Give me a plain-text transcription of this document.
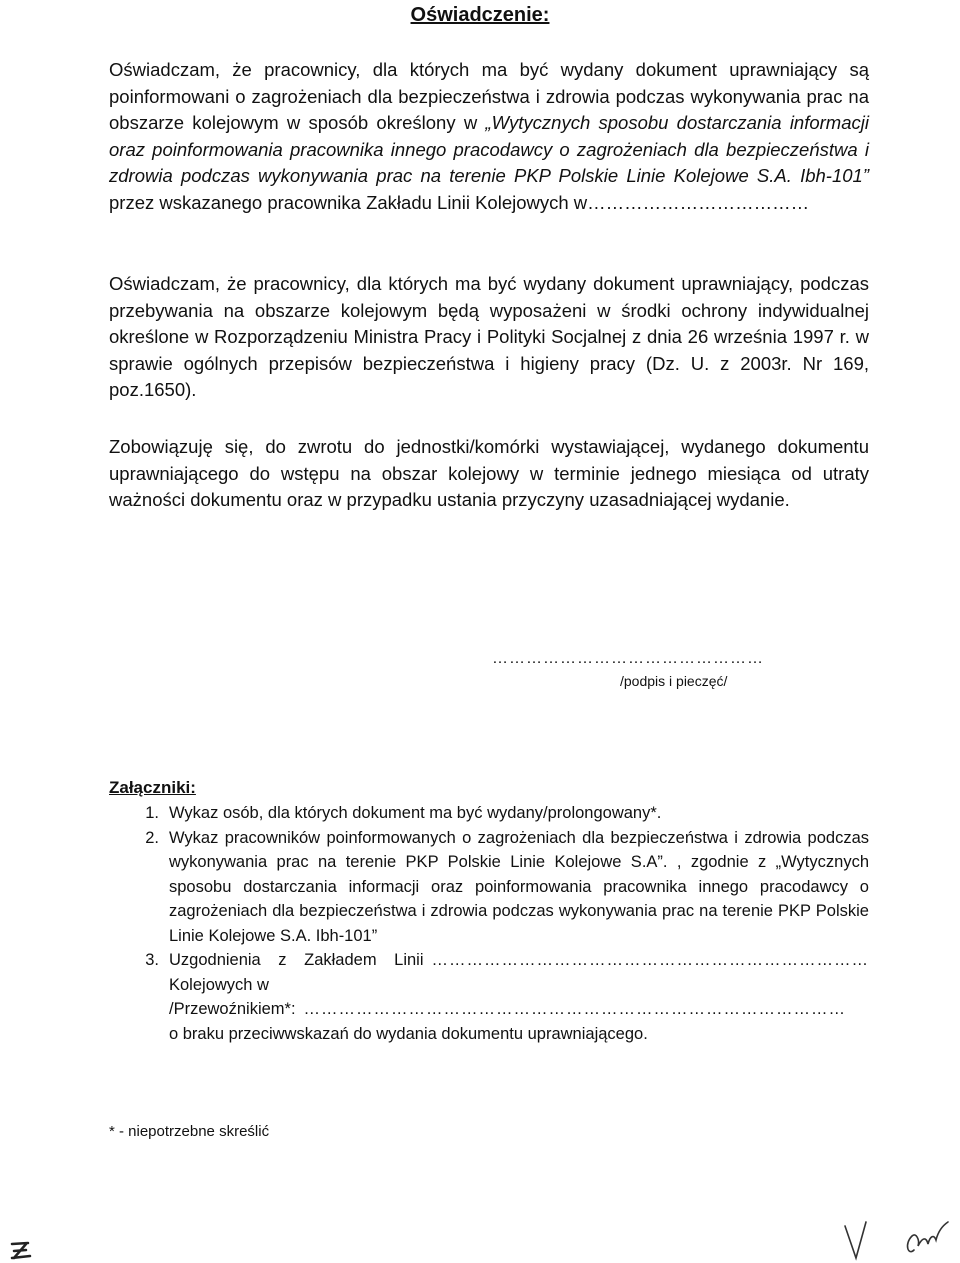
Oświadczenie:
Oświadczam, że pracownicy, dla których ma być wydany dokument uprawniający są poinformowani o zagrożeniach dla bezpieczeństwa i zdrowia podczas wykonywania prac na obszarze kolejowym w sposób określony w „Wytycznych sposobu dostarczania informacji oraz poinformowania pracownika innego pracodawcy o zagrożeniach dla bezpieczeństwa i zdrowia podczas wykonywania prac na terenie PKP Polskie Linie Kolejowe S.A. Ibh-101” przez wskazanego pracownika Zakładu Linii Kolejowych w………………………………
Oświadczam, że pracownicy, dla których ma być wydany dokument uprawniający, podczas przebywania na obszarze kolejowym będą wyposażeni w środki ochrony indywidualnej określone w Rozporządzeniu Ministra Pracy i Polityki Socjalnej z dnia 26 września 1997 r. w sprawie ogólnych przepisów bezpieczeństwa i higieny pracy (Dz. U. z 2003r. Nr 169, poz.1650).
Zobowiązuję się, do zwrotu do jednostki/komórki wystawiającej, wydanego dokumentu uprawniającego do wstępu na obszar kolejowy w terminie jednego miesiąca od utraty ważności dokumentu oraz w przypadku ustania przyczyny uzasadniającej wydanie.
…………………………………………
/podpis i pieczęć/
Załączniki:
1. Wykaz osób, dla których dokument ma być wydany/prolongowany*.
2. Wykaz pracowników poinformowanych o zagrożeniach dla bezpieczeństwa i zdrowia podczas wykonywania prac na terenie PKP Polskie Linie Kolejowe S.A”. , zgodnie z „Wytycznych sposobu dostarczania informacji oraz poinformowania pracownika innego pracodawcy o zagrożeniach dla bezpieczeństwa i zdrowia podczas wykonywania prac na terenie PKP Polskie Linie Kolejowe S.A. Ibh-101”
3. Uzgodnienia z Zakładem Linii Kolejowych w
…………………………………………………………………
/Przewoźnikiem*: …………………………………………………………………………………
o braku przeciwwskazań do wydania dokumentu uprawniającego.
* - niepotrzebne skreślić
